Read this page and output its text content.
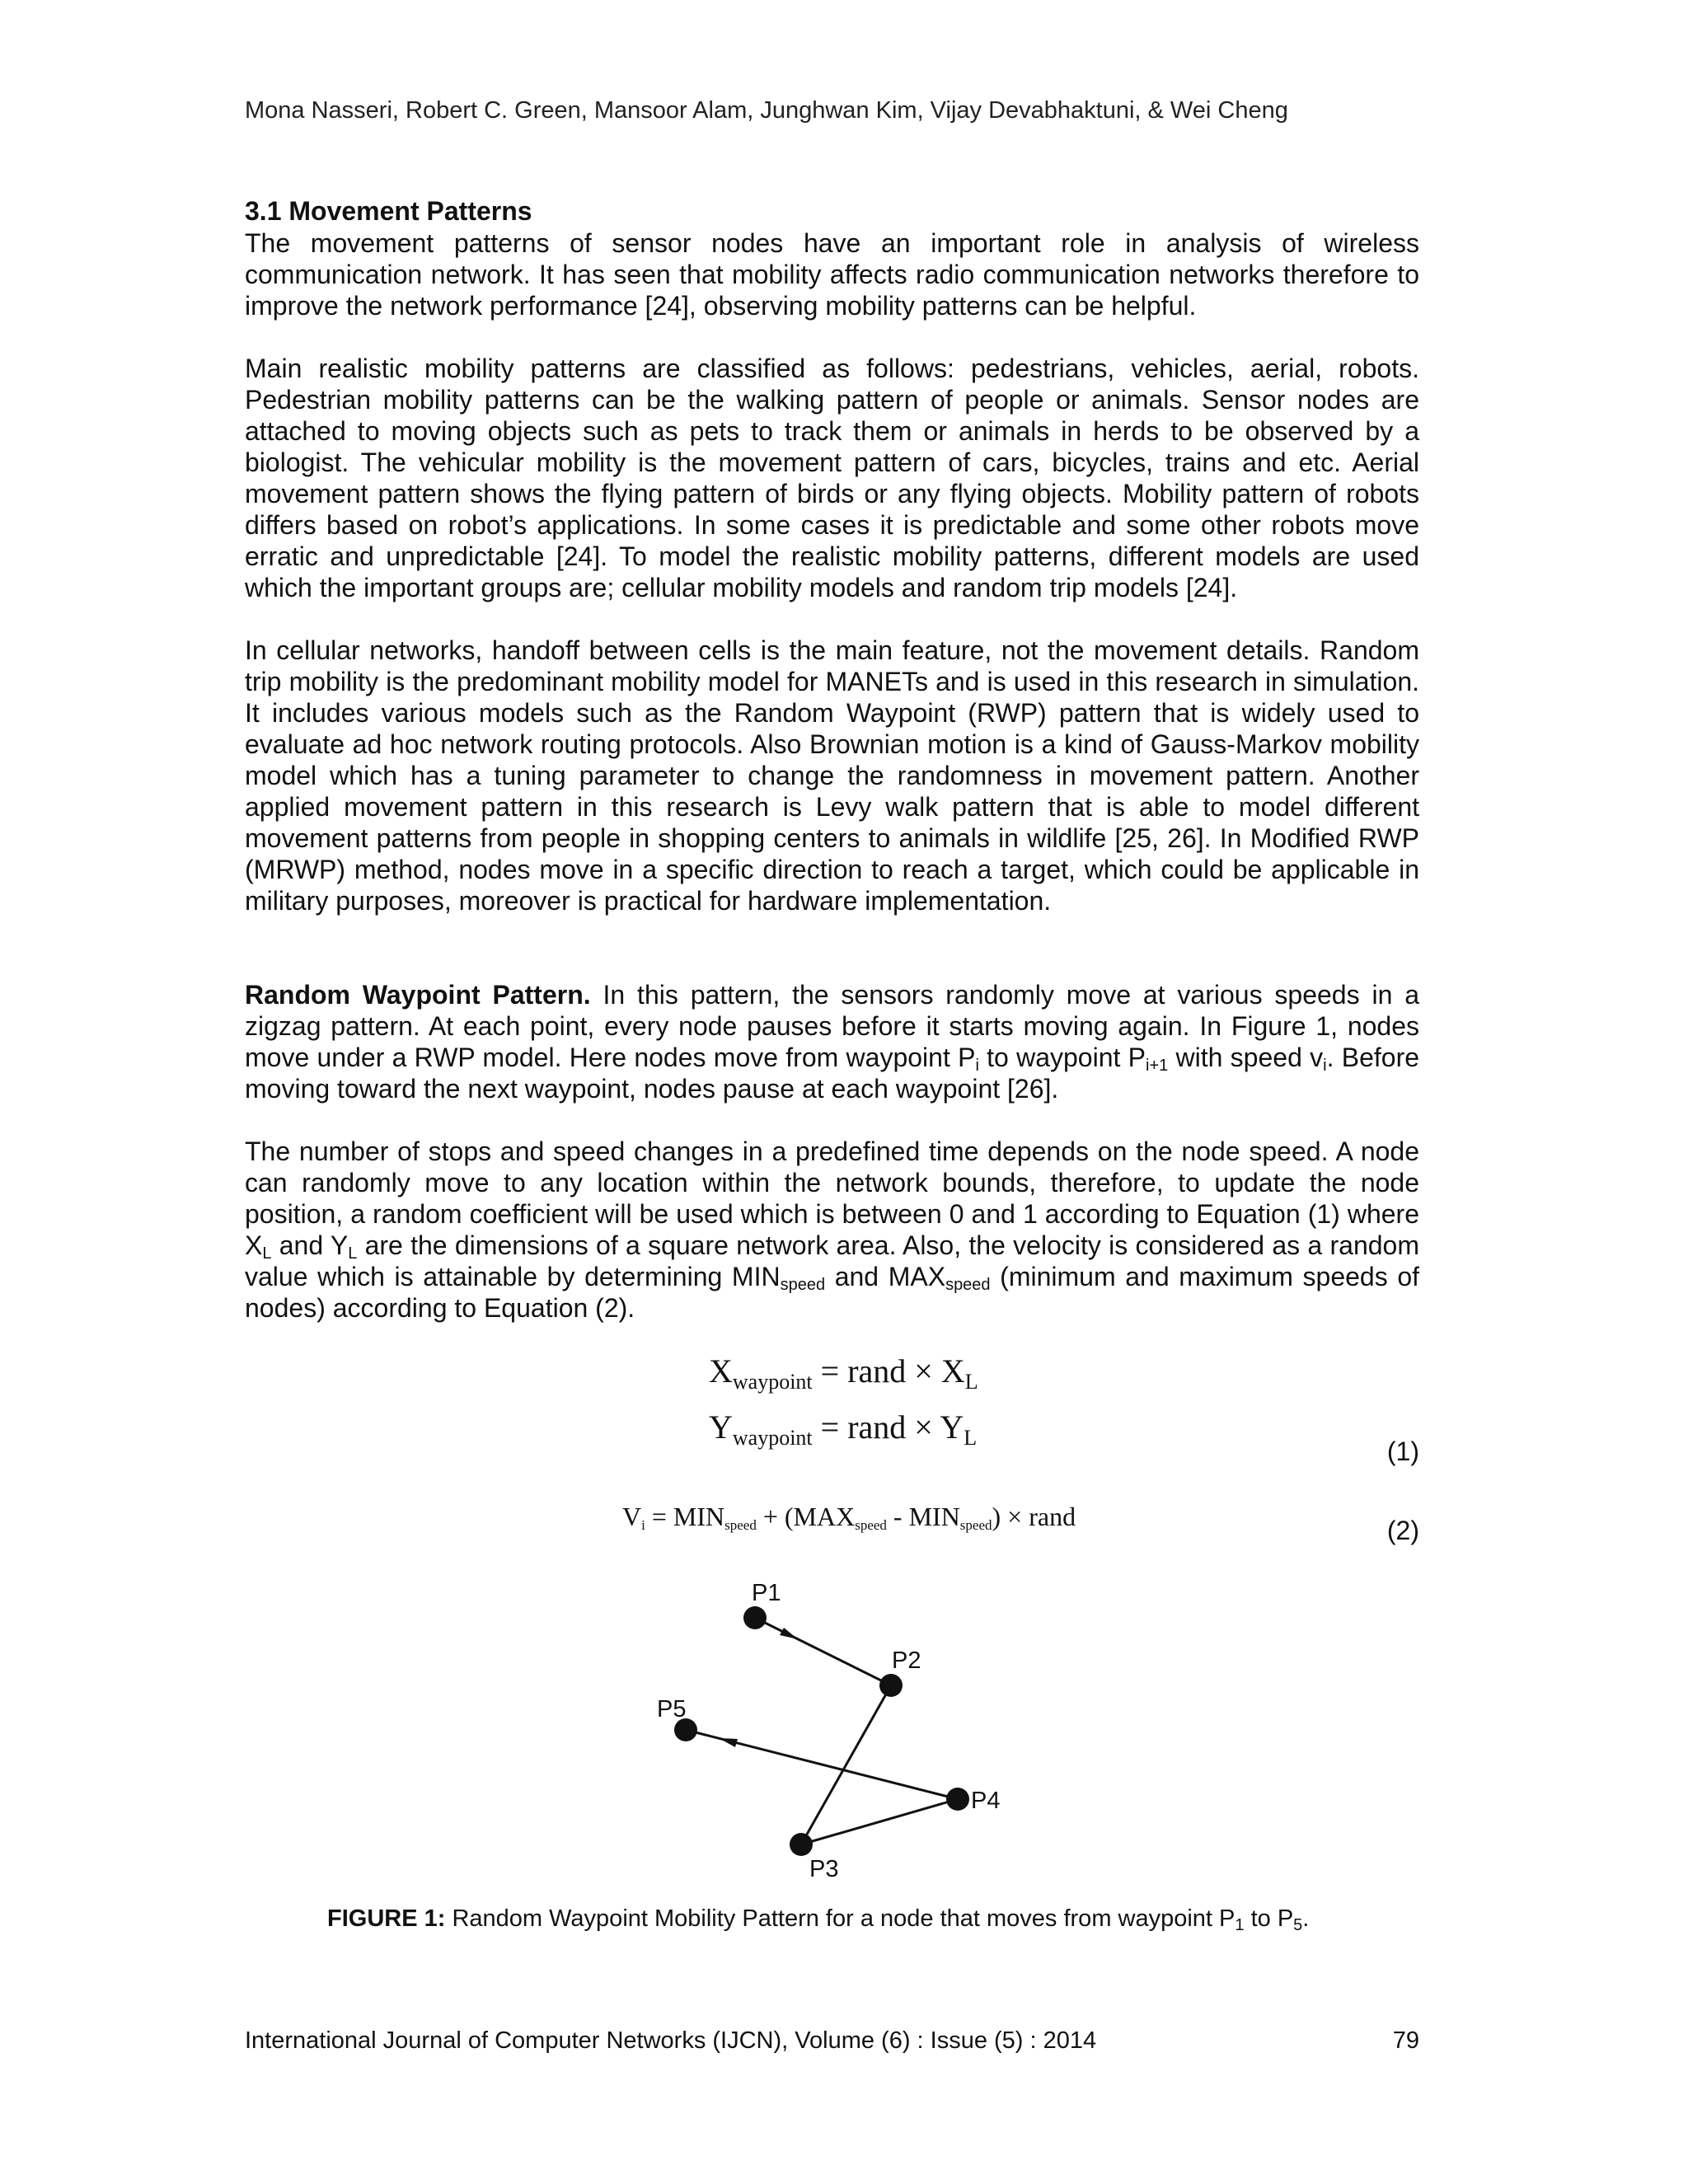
Mona Nasseri, Robert C. Green, Mansoor Alam, Junghwan Kim, Vijay Devabhaktuni, & Wei Cheng
3.1 Movement Patterns

The movement patterns of sensor nodes have an important role in analysis of wireless communication network. It has seen that mobility affects radio communication networks therefore to improve the network performance [24], observing mobility patterns can be helpful.

Main realistic mobility patterns are classified as follows: pedestrians, vehicles, aerial, robots. Pedestrian mobility patterns can be the walking pattern of people or animals. Sensor nodes are attached to moving objects such as pets to track them or animals in herds to be observed by a biologist. The vehicular mobility is the movement pattern of cars, bicycles, trains and etc. Aerial movement pattern shows the flying pattern of birds or any flying objects. Mobility pattern of robots differs based on robot’s applications. In some cases it is predictable and some other robots move erratic and unpredictable [24]. To model the realistic mobility patterns, different models are used which the important groups are; cellular mobility models and random trip models [24].

In cellular networks, handoff between cells is the main feature, not the movement details. Random trip mobility is the predominant mobility model for MANETs and is used in this research in simulation. It includes various models such as the Random Waypoint (RWP) pattern that is widely used to evaluate ad hoc network routing protocols. Also Brownian motion is a kind of Gauss-Markov mobility model which has a tuning parameter to change the randomness in movement pattern. Another applied movement pattern in this research is Levy walk pattern that is able to model different movement patterns from people in shopping centers to animals in wildlife [25, 26]. In Modified RWP (MRWP) method, nodes move in a specific direction to reach a target, which could be applicable in military purposes, moreover is practical for hardware implementation.

Random Waypoint Pattern. In this pattern, the sensors randomly move at various speeds in a zigzag pattern. At each point, every node pauses before it starts moving again. In Figure 1, nodes move under a RWP model. Here nodes move from waypoint $P_i$ to waypoint $P_{i+1}$ with speed $v_i$. Before moving toward the next waypoint, nodes pause at each waypoint [26].

The number of stops and speed changes in a predefined time depends on the node speed. A node can randomly move to any location within the network bounds, therefore, to update the node position, a random coefficient will be used which is between 0 and 1 according to Equation (1) where $X_L$ and $Y_L$ are the dimensions of a square network area. Also, the velocity is considered as a random value which is attainable by determining $MIN_{speed}$ and $MAX_{speed}$ (minimum and maximum speeds of nodes) according to Equation (2).

$X_{waypoint}$ = rand × $X_L$
$Y_{waypoint}$ = rand × $Y_L$	(1)
$V_i = MIN_{speed} + (MAX_{speed} - MIN_{speed})$ × rand	(2)
P1
P2
P3
P4
P5
FIGURE 1: Random Waypoint Mobility Pattern for a node that moves from waypoint $P_1$ to $P_5$.
International Journal of Computer Networks (IJCN), Volume (6) : Issue (5) : 2014	79
